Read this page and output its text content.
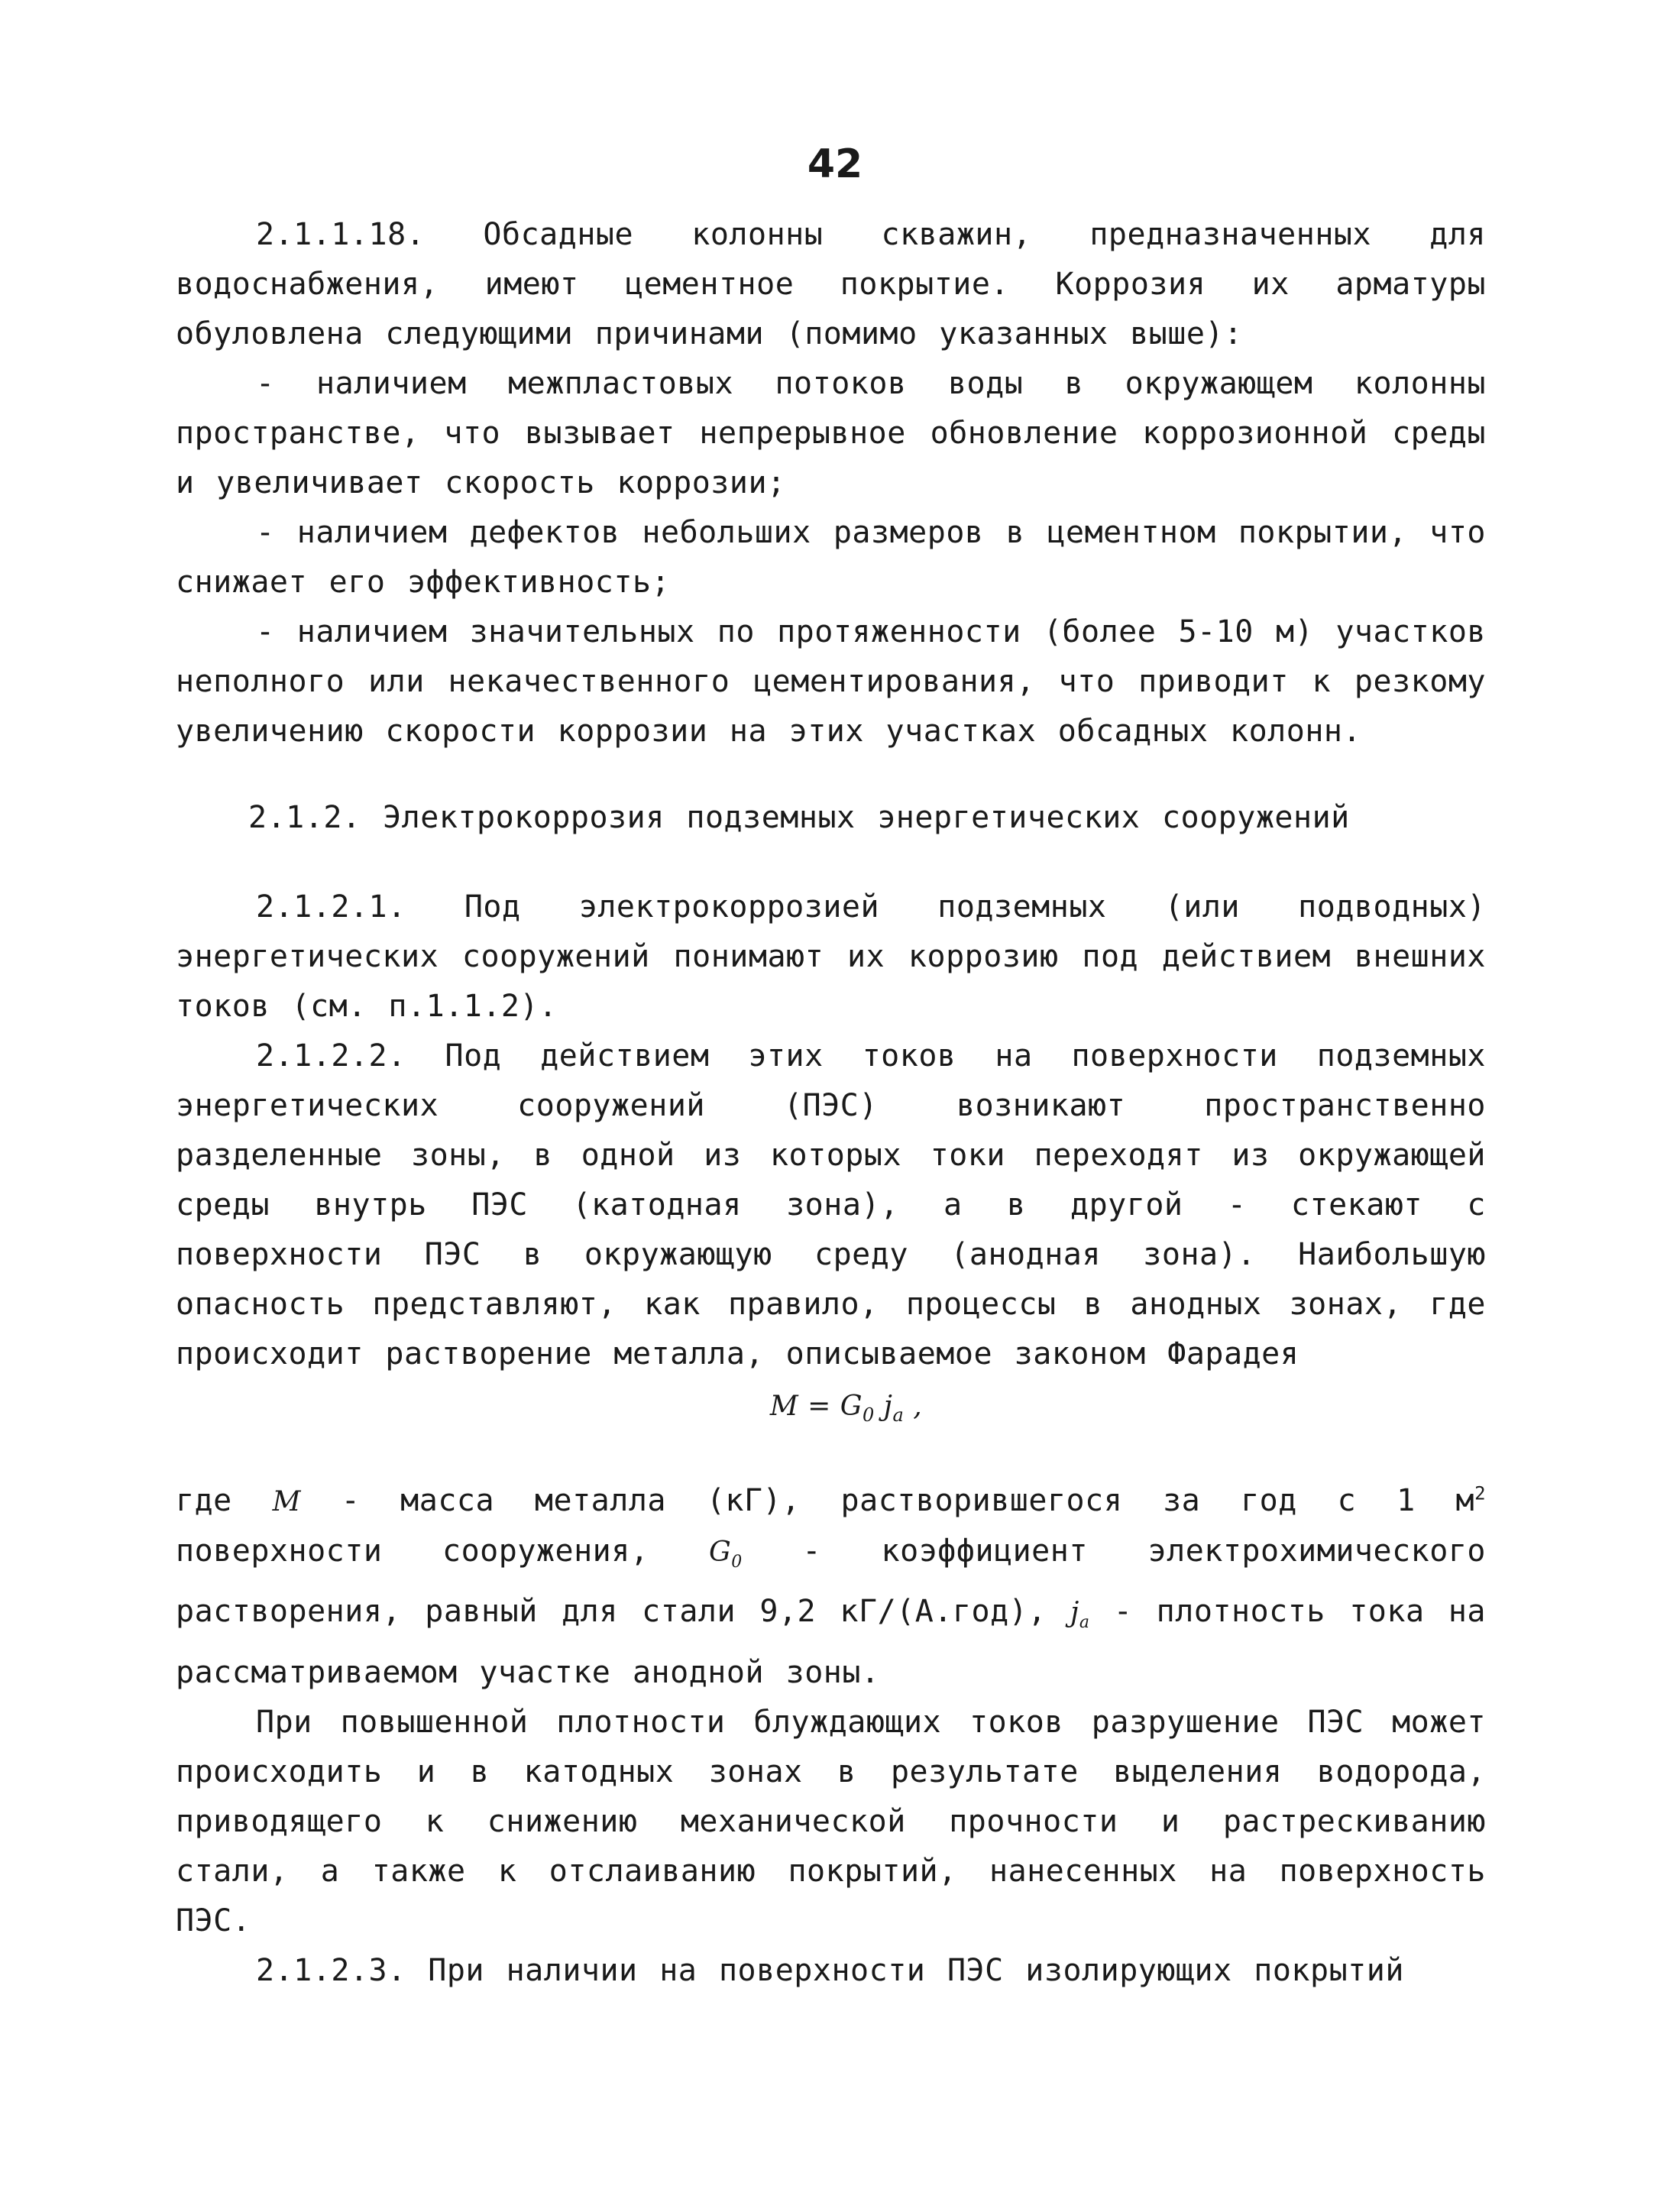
42

2.1.1.18. Обсадные колонны скважин, предназначенных для водоснабжения, имеют цементное покрытие. Коррозия их арматуры обуловлена следующими причинами (помимо указанных выше):

- наличием межпластовых потоков воды в окружающем колонны пространстве, что вызывает непрерывное обновление коррозионной среды и увеличивает скорость коррозии;

- наличием дефектов небольших размеров в цементном покрытии, что снижает его эффективность;

- наличием значительных по протяженности (более 5-10 м) участков неполного или некачественного цементирования, что приводит к резкому увеличению скорости коррозии на этих участках обсадных колонн.

2.1.2. Электрокоррозия подземных энергетических сооружений

2.1.2.1. Под электрокоррозией подземных (или подводных) энергетических сооружений понимают их коррозию под действием внешних токов (см. п.1.1.2).

2.1.2.2. Под действием этих токов на поверхности подземных энергетических сооружений (ПЭС) возникают пространственно разделенные зоны, в одной из которых токи переходят из окружающей среды внутрь ПЭС (катодная зона), а в другой - стекают с поверхности ПЭС в окружающую среду (анодная зона). Наибольшую опасность представляют, как правило, процессы в анодных зонах, где происходит растворение металла, описываемое законом Фарадея

$M = G_0$ $j_a$ ,

где M - масса металла (кГ), растворившегося за год с 1 $м^2$ поверхности сооружения, $G_0$ - коэффициент электрохимического растворения, равный для стали 9,2 кГ/(А.год), $j_a$ - плотность тока на рассматриваемом участке анодной зоны.

При повышенной плотности блуждающих токов разрушение ПЭС может происходить и в катодных зонах в результате выделения водорода, приводящего к снижению механической прочности и растрескиванию стали, а также к отслаиванию покрытий, нанесенных на поверхность ПЭС.

2.1.2.3. При наличии на поверхности ПЭС изолирующих покрытий
